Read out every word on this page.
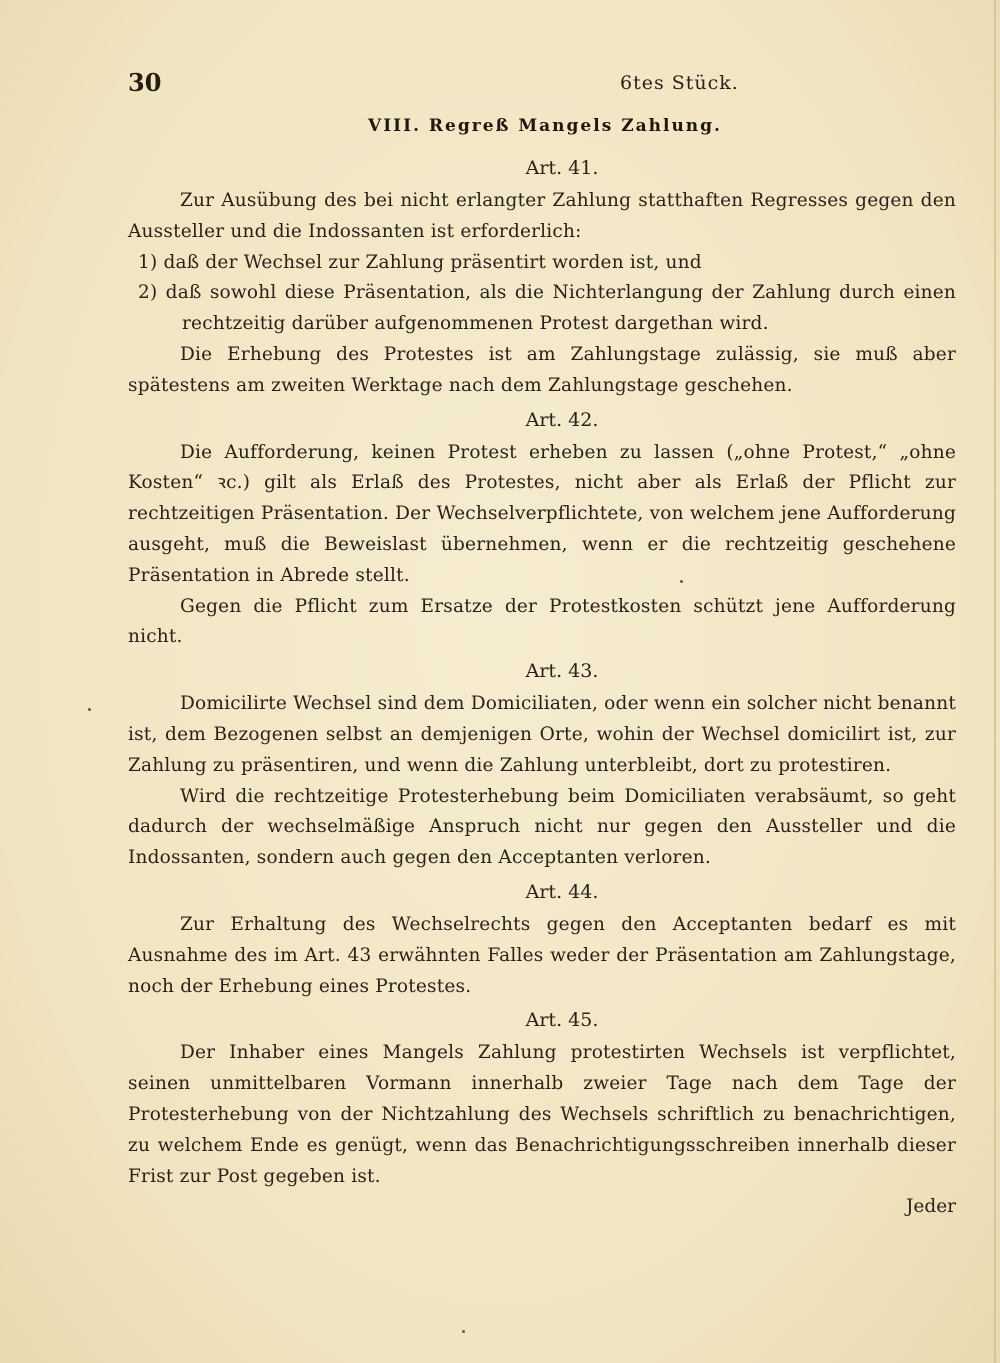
30	6tes Stück.
VIII. Regreß Mangels Zahlung.
Art. 41.

Zur Ausübung des bei nicht erlangter Zahlung statthaften Regresses gegen den Aussteller und die Indossanten ist erforderlich:

1) daß der Wechsel zur Zahlung präsentirt worden ist, und

2) daß sowohl diese Präsentation, als die Nichterlangung der Zahlung durch einen rechtzeitig darüber aufgenommenen Protest dargethan wird.

Die Erhebung des Protestes ist am Zahlungstage zulässig, sie muß aber spätestens am zweiten Werktage nach dem Zahlungstage geschehen.

Art. 42.

Die Aufforderung, keinen Protest erheben zu lassen („ohne Protest,“ „ohne Kosten“ ꝛc.) gilt als Erlaß des Protestes, nicht aber als Erlaß der Pflicht zur rechtzeitigen Präsentation. Der Wechselverpflichtete, von welchem jene Aufforderung ausgeht, muß die Beweislast übernehmen, wenn er die rechtzeitig geschehene Präsentation in Abrede stellt.

Gegen die Pflicht zum Ersatze der Protestkosten schützt jene Aufforderung nicht.

Art. 43.

Domicilirte Wechsel sind dem Domiciliaten, oder wenn ein solcher nicht benannt ist, dem Bezogenen selbst an demjenigen Orte, wohin der Wechsel domicilirt ist, zur Zahlung zu präsentiren, und wenn die Zahlung unterbleibt, dort zu protestiren.

Wird die rechtzeitige Protesterhebung beim Domiciliaten verabsäumt, so geht dadurch der wechselmäßige Anspruch nicht nur gegen den Aussteller und die Indossanten, sondern auch gegen den Acceptanten verloren.

Art. 44.

Zur Erhaltung des Wechselrechts gegen den Acceptanten bedarf es mit Ausnahme des im Art. 43 erwähnten Falles weder der Präsentation am Zahlungstage, noch der Erhebung eines Protestes.

Art. 45.

Der Inhaber eines Mangels Zahlung protestirten Wechsels ist verpflichtet, seinen unmittelbaren Vormann innerhalb zweier Tage nach dem Tage der Protesterhebung von der Nichtzahlung des Wechsels schriftlich zu benachrichtigen, zu welchem Ende es genügt, wenn das Benachrichtigungsschreiben innerhalb dieser Frist zur Post gegeben ist.

Jeder
